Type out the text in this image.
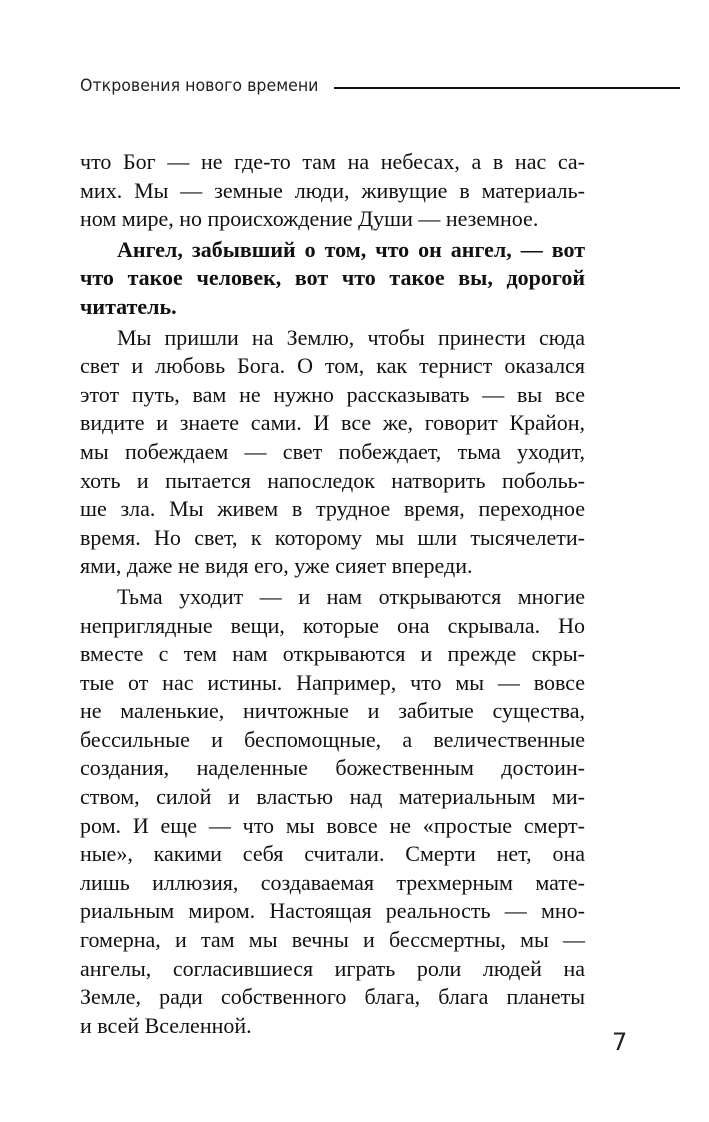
Откровения нового времени
что Бог — не где-то там на небесах, а в нас са-
мих. Мы — земные люди, живущие в материаль-
ном мире, но происхождение Души — неземное.
Ангел, забывший о том, что он ангел, — вот
что такое человек, вот что такое вы, дорогой
читатель.
Мы пришли на Землю, чтобы принести сюда
свет и любовь Бога. О том, как тернист оказался
этот путь, вам не нужно рассказывать — вы все
видите и знаете сами. И все же, говорит Крайон,
мы побеждаем — свет побеждает, тьма уходит,
хоть и пытается напоследок натворить побольь-
ше зла. Мы живем в трудное время, переходное
время. Но свет, к которому мы шли тысячелети-
ями, даже не видя его, уже сияет впереди.
Тьма уходит — и нам открываются многие
неприглядные вещи, которые она скрывала. Но
вместе с тем нам открываются и прежде скры-
тые от нас истины. Например, что мы — вовсе
не маленькие, ничтожные и забитые существа,
бессильные и беспомощные, а величественные
создания, наделенные божественным достоин-
ством, силой и властью над материальным ми-
ром. И еще — что мы вовсе не «простые смерт-
ные», какими себя считали. Смерти нет, она
лишь иллюзия, создаваемая трехмерным мате-
риальным миром. Настоящая реальность — мно-
гомерна, и там мы вечны и бессмертны, мы —
ангелы, согласившиеся играть роли людей на
Земле, ради собственного блага, блага планеты
и всей Вселенной.
7
